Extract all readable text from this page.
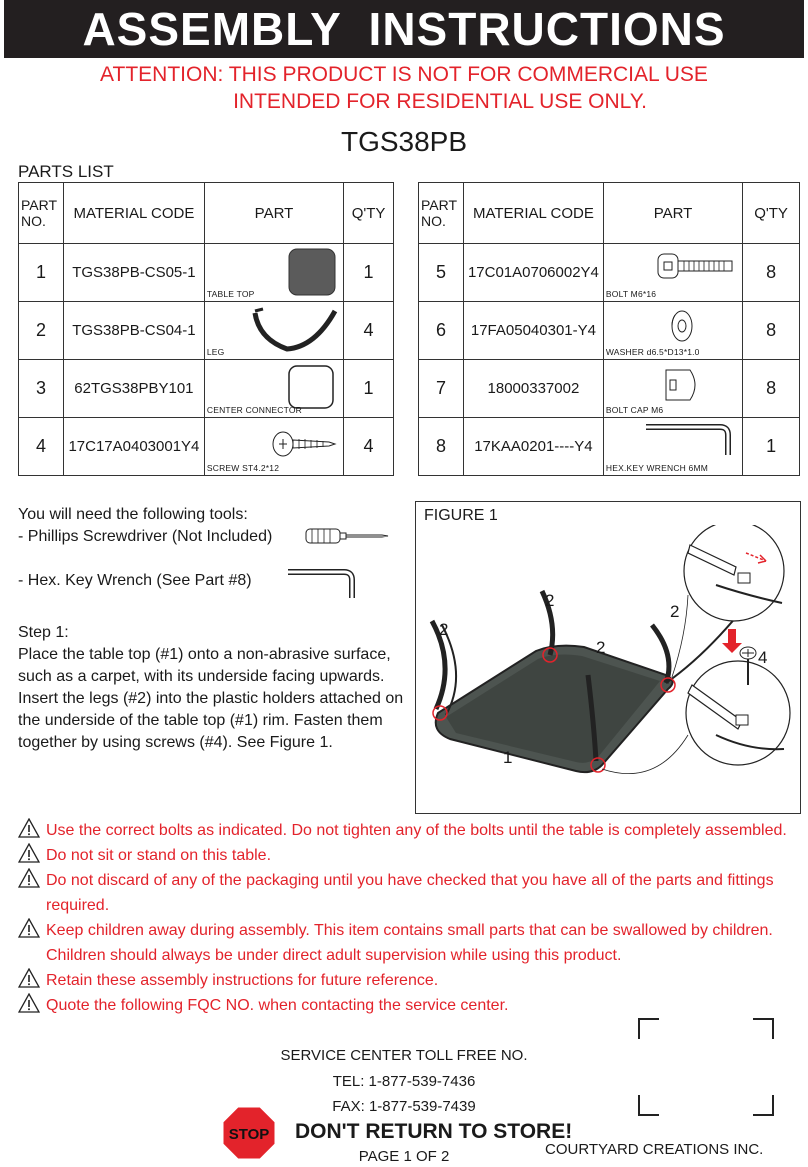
ASSEMBLY  INSTRUCTIONS
ATTENTION: THIS PRODUCT IS NOT FOR COMMERCIAL USE
INTENDED FOR RESIDENTIAL USE ONLY.
TGS38PB
PARTS LIST
PART
NO.	MATERIAL CODE	PART	Q'TY
1	TGS38PB-CS05-1	TABLE TOP	1
2	TGS38PB-CS04-1	LEG	4
3	62TGS38PBY101	CENTER CONNECTOR	1
4	17C17A0403001Y4	SCREW ST4.2*12	4
PART
NO.	MATERIAL CODE	PART	Q'TY
5	17C01A0706002Y4	BOLT M6*16	8
6	17FA05040301-Y4	WASHER d6.5*D13*1.0	8
7	18000337002	BOLT CAP M6	8
8	17KAA0201----Y4	HEX.KEY WRENCH 6MM	1
You will need the following tools:
- Phillips Screwdriver (Not Included)
- Hex. Key Wrench (See Part #8)
Step 1:
Place the table top (#1) onto a non-abrasive surface, such as a carpet, with its underside facing upwards. Insert the legs (#2) into the plastic holders attached on the underside of the table top (#1) rim. Fasten them together by using screws (#4). See Figure 1.
FIGURE 1
2
2
2
2
1
4
Use the correct bolts as indicated. Do not tighten any of the bolts until the table is completely assembled.
Do not sit or stand on this table.
Do not discard of any of the packaging until you have checked that you have all of the parts and fittings required.
Keep children away during assembly. This item contains small parts that can be swallowed by children. Children should always be under direct adult supervision while using this product.
Retain these assembly instructions for future reference.
Quote the following FQC NO. when contacting the service center.
SERVICE CENTER TOLL FREE NO.
TEL: 1-877-539-7436
FAX: 1-877-539-7439
STOP DON'T RETURN TO STORE!
PAGE 1 OF 2	COURTYARD CREATIONS INC.
